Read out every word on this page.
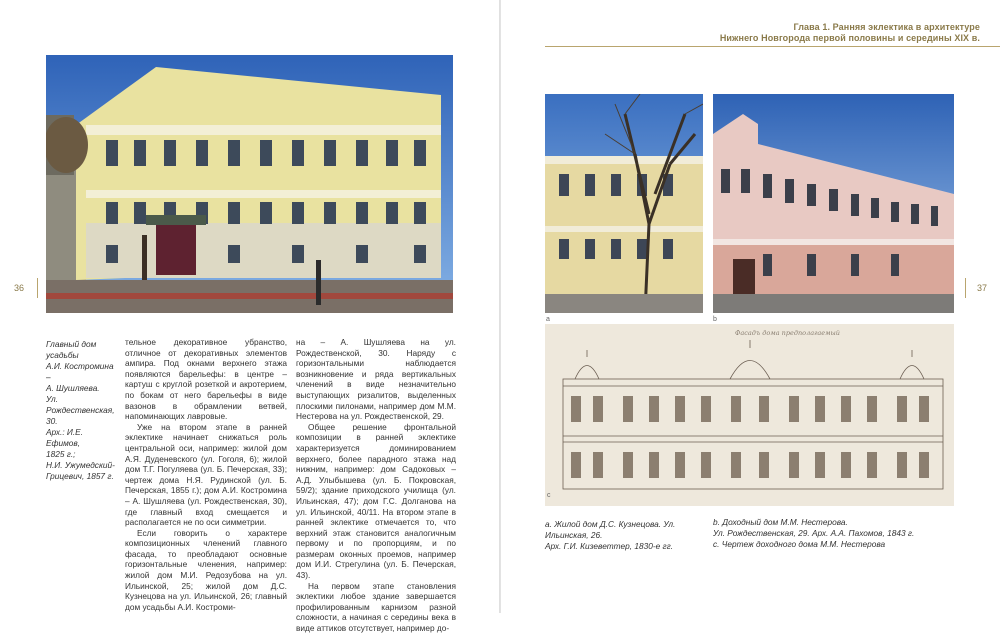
Глава 1. Ранняя эклектика в архитектуре
Нижнего Новгорода первой половины и середины XIX в.
36	37
Главный дом усадьбы
А.И. Костромина –
А. Шушляева.
Ул. Рождественская, 30.
Арх.: И.Е. Ефимов,
1825 г.;
Н.И. Ужумедский-
Грицевич, 1857 г.

тельное декоративное убранство, отличное от декоративных элементов ампира. Под окнами верхнего этажа появляются барельефы: в центре – картуш с круглой розеткой и акротерием, по бокам от него барельефы в виде вазонов в обрамлении ветвей, напоминающих лавровые.

Уже на втором этапе в ранней эклектике начинает снижаться роль центральной оси, например: жилой дом А.Я. Дуденевского (ул. Гоголя, 6); жилой дом Т.Г. Погуляева (ул. Б. Печерская, 33); чертеж дома Н.Я. Рудинской (ул. Б. Печерская, 1855 г.); дом А.И. Костромина – А. Шушляева (ул. Рождественская, 30), где главный вход смещается и располагается не по оси симметрии.

Если говорить о характере композиционных членений главного фасада, то преобладают основные горизонтальные членения, например: жилой дом М.И. Редозубова на ул. Ильинской, 25; жилой дом Д.С. Кузнецова на ул. Ильинской, 26; главный дом усадьбы А.И. Костроми-

на – А. Шушляева на ул. Рождественской, 30. Наряду с горизонтальными наблюдается возникновение и ряда вертикальных членений в виде незначительно выступающих ризалитов, выделенных плоскими пилонами, например дом М.М. Нестерова на ул. Рождественской, 29.

Общее решение фронтальной композиции в ранней эклектике характеризуется доминированием верхнего, более парадного этажа над нижним, например: дом Садоковых – А.Д. Улыбышева (ул. Б. Покровская, 59/2); здание приходского училища (ул. Ильинская, 47); дом Г.С. Долганова на ул. Ильинской, 40/11. На втором этапе в ранней эклектике отмечается то, что верхний этаж становится аналогичным первому и по пропорциям, и по размерам оконных проемов, например дом И.И. Стрегулина (ул. Б. Печерская, 43).

На первом этапе становления эклектики любое здание завершается профилированным карнизом разной сложности, а начиная с середины века в виде аттиков отсутствует, например до-

a	b
Фасадъ дома предполагаемый
c
a. Жилой дом Д.С. Кузнецова. Ул. Ильинская, 26.
Арх. Г.И. Кизеветтер, 1830-е гг.
b. Доходный дом М.М. Нестерова.
Ул. Рождественская, 29. Арх. А.А. Пахомов, 1843 г.
c. Чертеж доходного дома М.М. Нестерова
